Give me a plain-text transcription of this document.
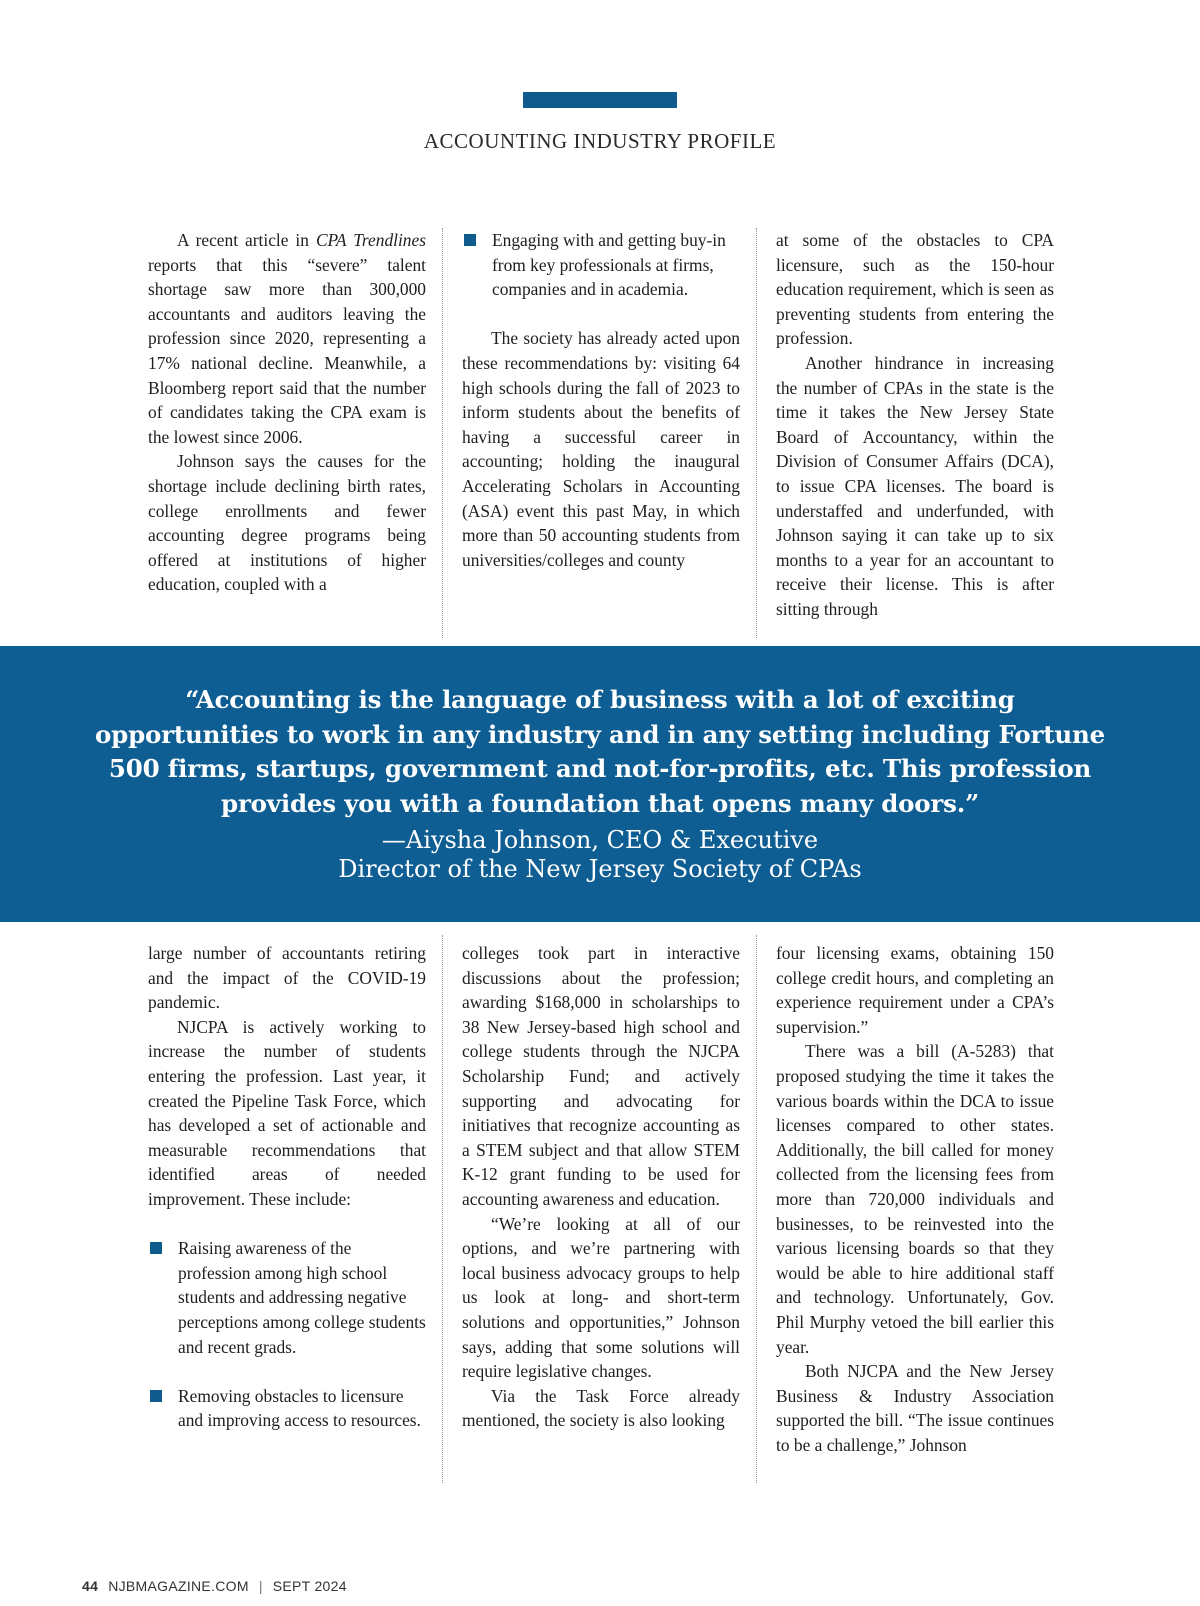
ACCOUNTING INDUSTRY PROFILE

A recent article in CPA Trendlines reports that this “severe” talent shortage saw more than 300,000 accountants and auditors leaving the profession since 2020, representing a 17% national decline. Meanwhile, a Bloomberg report said that the number of candidates taking the CPA exam is the lowest since 2006.

Johnson says the causes for the shortage include declining birth rates, college enrollments and fewer accounting degree programs being offered at institutions of higher education, coupled with a

Engaging with and getting buy-in from key professionals at firms, companies and in academia.

The society has already acted upon these recommendations by: visiting 64 high schools during the fall of 2023 to inform students about the benefits of having a successful career in accounting; holding the inaugural Accelerating Scholars in Accounting (ASA) event this past May, in which more than 50 accounting students from universities/colleges and county

at some of the obstacles to CPA licensure, such as the 150-hour education requirement, which is seen as preventing students from entering the profession.

Another hindrance in increasing the number of CPAs in the state is the time it takes the New Jersey State Board of Accountancy, within the Division of Consumer Affairs (DCA), to issue CPA licenses. The board is understaffed and underfunded, with Johnson saying it can take up to six months to a year for an accountant to receive their license. This is after sitting through

“Accounting is the language of business with a lot of exciting opportunities to work in any industry and in any setting including Fortune 500 firms, startups, government and not-for-profits, etc. This profession provides you with a foundation that opens many doors.”
—Aiysha Johnson, CEO & Executive
Director of the New Jersey Society of CPAs

large number of accountants retiring and the impact of the COVID-19 pandemic.

NJCPA is actively working to increase the number of students entering the profession. Last year, it created the Pipeline Task Force, which has developed a set of actionable and measurable recommendations that identified areas of needed improvement. These include:

Raising awareness of the profession among high school students and addressing negative perceptions among college students and recent grads.
Removing obstacles to licensure and improving access to resources.

colleges took part in interactive discussions about the profession; awarding $168,000 in scholarships to 38 New Jersey-based high school and college students through the NJCPA Scholarship Fund; and actively supporting and advocating for initiatives that recognize accounting as a STEM subject and that allow STEM K-12 grant funding to be used for accounting awareness and education.

“We’re looking at all of our options, and we’re partnering with local business advocacy groups to help us look at long- and short-term solutions and opportunities,” Johnson says, adding that some solutions will require legislative changes.

Via the Task Force already mentioned, the society is also looking

four licensing exams, obtaining 150 college credit hours, and completing an experience requirement under a CPA’s supervision.”

There was a bill (A-5283) that proposed studying the time it takes the various boards within the DCA to issue licenses compared to other states. Additionally, the bill called for money collected from the licensing fees from more than 720,000 individuals and businesses, to be reinvested into the various licensing boards so that they would be able to hire additional staff and technology. Unfortunately, Gov. Phil Murphy vetoed the bill earlier this year.

Both NJCPA and the New Jersey Business & Industry Association supported the bill. “The issue continues to be a challenge,” Johnson

44 NJBMAGAZINE.COM | SEPT 2024
